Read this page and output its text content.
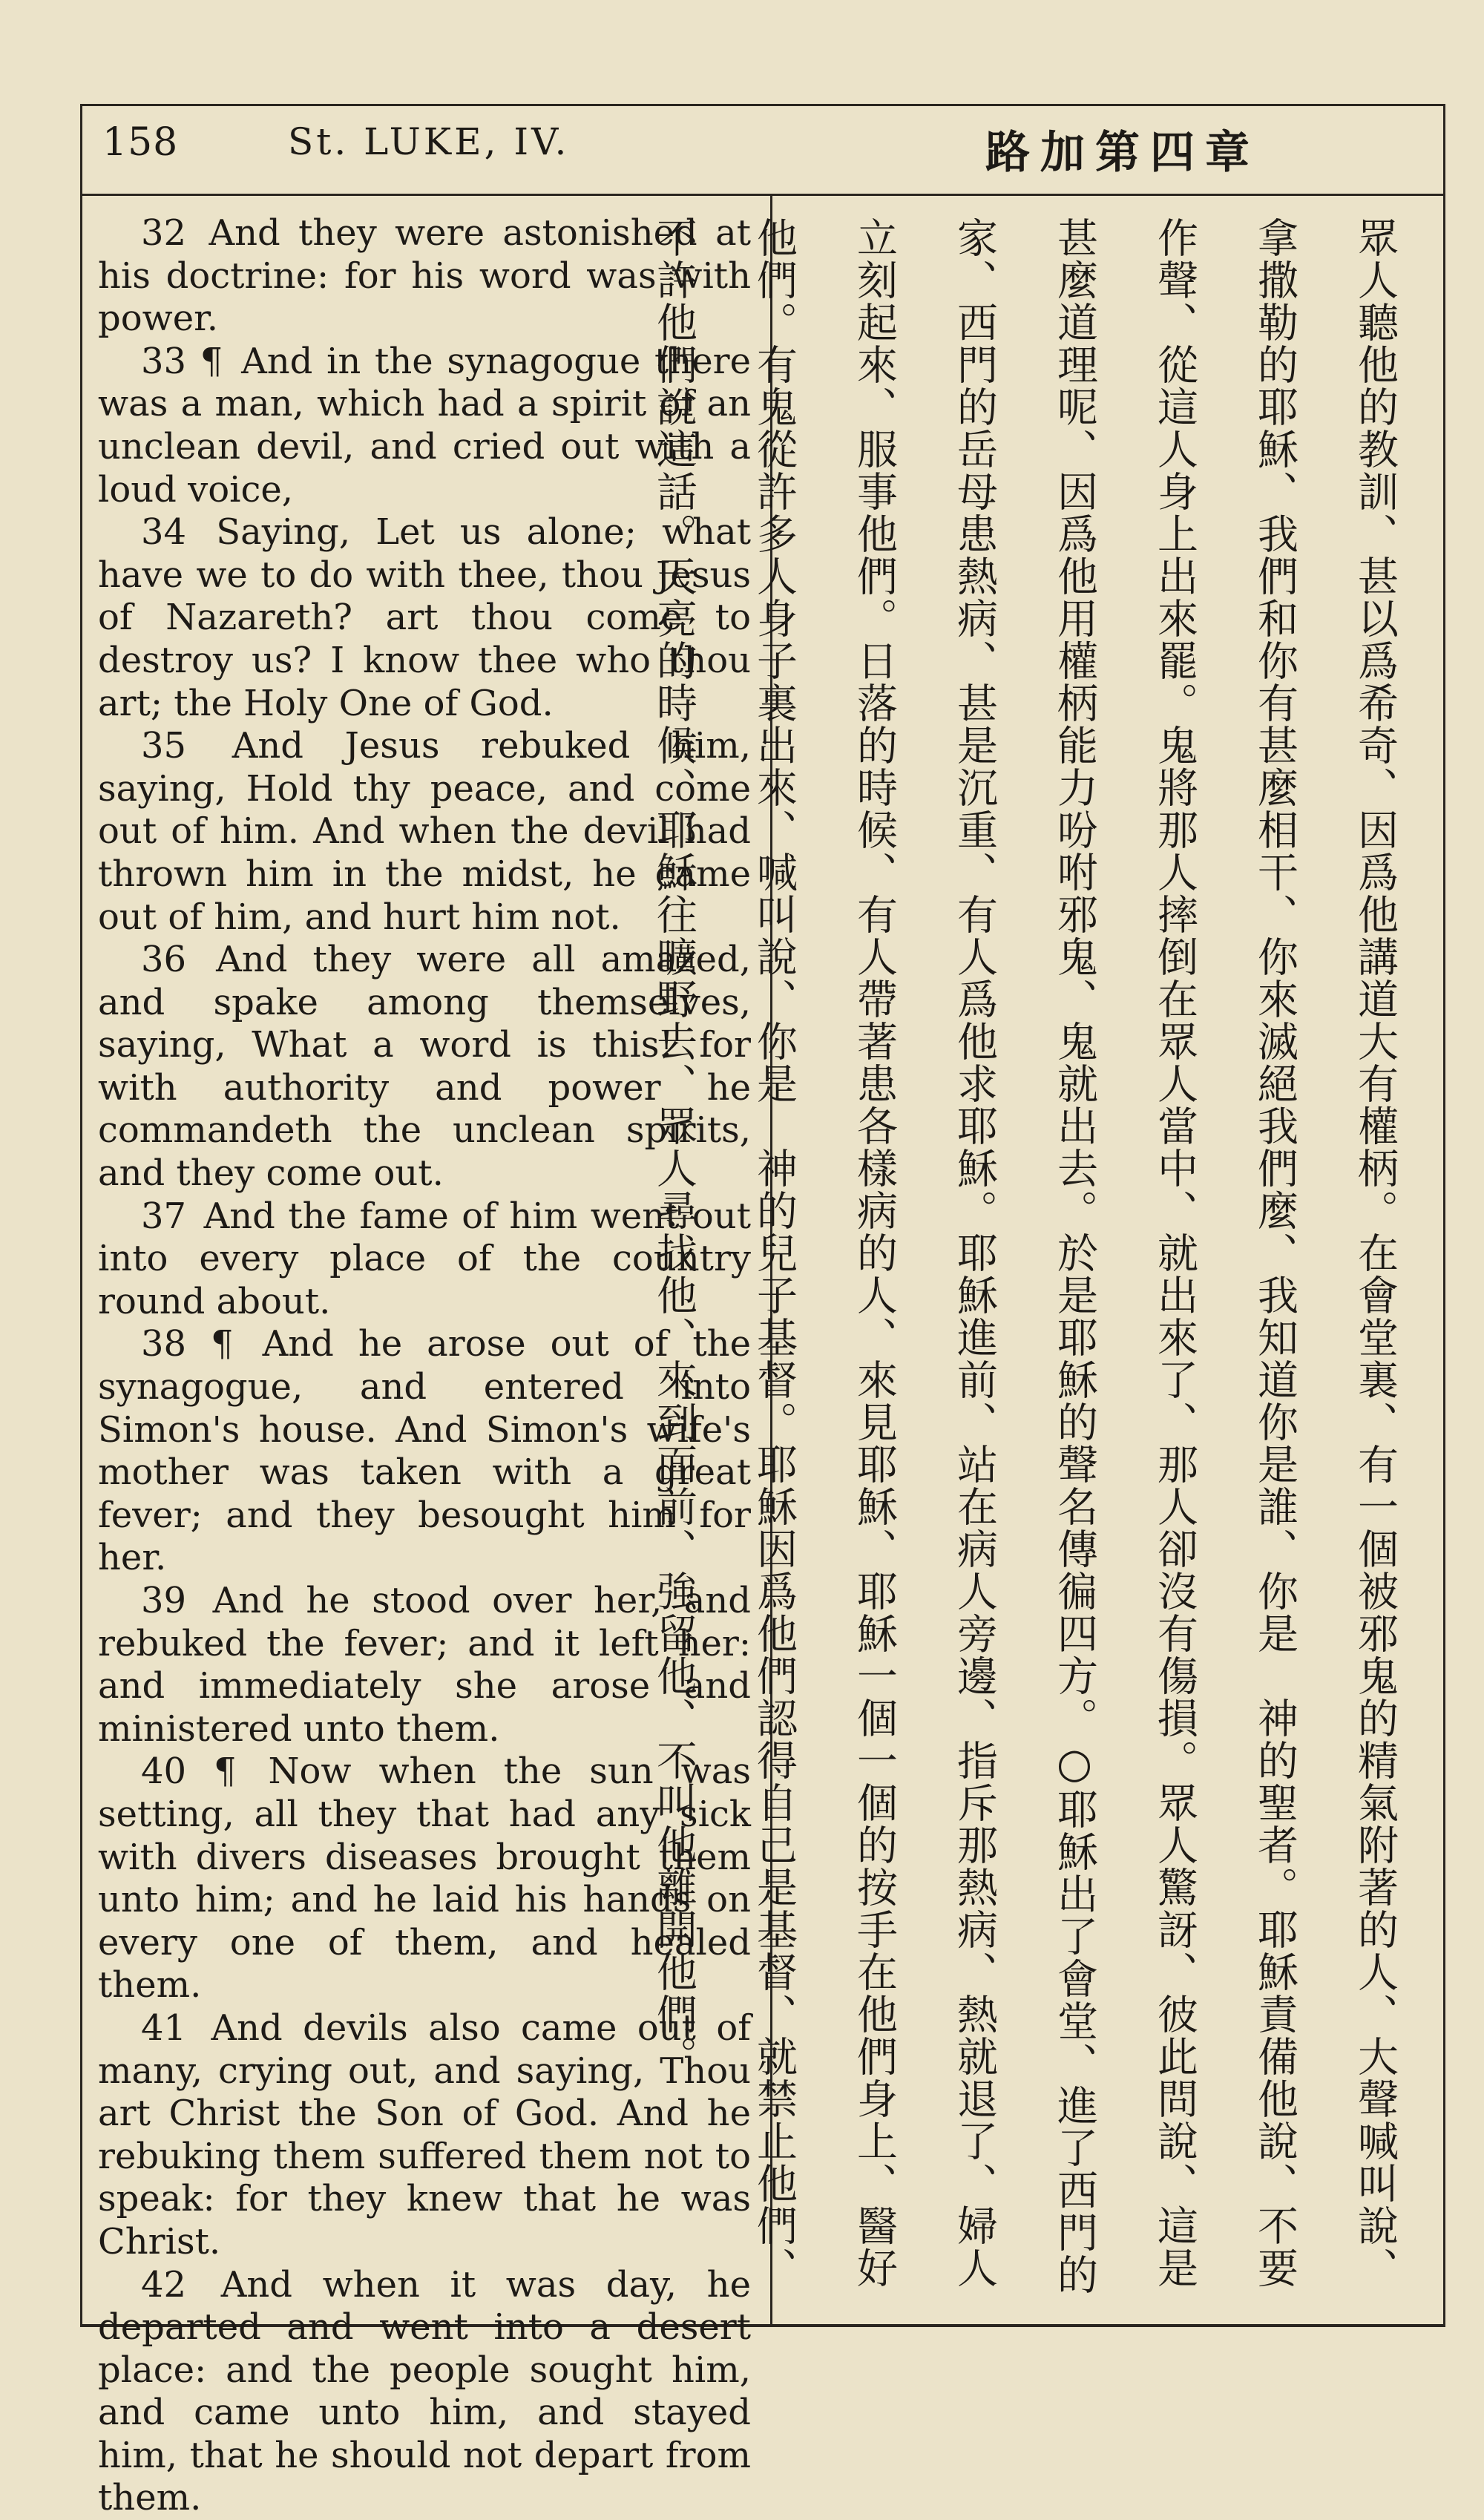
158	St. LUKE, IV.	路加第四章

32 And they were astonished at his doctrine: for his word was with power.

33 ¶ And in the synagogue there was a man, which had a spirit of an unclean devil, and cried out with a loud voice,

34 Saying, Let us alone; what have we to do with thee, thou Jesus of Nazareth? art thou come to destroy us? I know thee who thou art; the Holy One of God.

35 And Jesus rebuked him, saying, Hold thy peace, and come out of him. And when the devil had thrown him in the midst, he came out of him, and hurt him not.

36 And they were all amazed, and spake among themselves, saying, What a word is this! for with authority and power he commandeth the unclean spirits, and they come out.

37 And the fame of him went out into every place of the country round about.

38 ¶ And he arose out of the synagogue, and entered into Simon's house. And Simon's wife's mother was taken with a great fever; and they besought him for her.

39 And he stood over her, and rebuked the fever; and it left her: and immediately she arose and ministered unto them.

40 ¶ Now when the sun was setting, all they that had any sick with divers diseases brought them unto him; and he laid his hands on every one of them, and healed them.

41 And devils also came out of many, crying out, and saying, Thou art Christ the Son of God. And he rebuking them suffered them not to speak: for they knew that he was Christ.

42 And when it was day, he departed and went into a desert place: and the people sought him, and came unto him, and stayed him, that he should not depart from them.

眾人聽他的教訓、甚以爲希奇、因爲他講道大有權柄。在會堂裏、有一個被邪鬼的精氣附著的人、大聲喊叫說、拿撒勒的耶穌、我們和你有甚麼相干、你來滅絕我們麼、我知道你是誰、你是　神的聖者。耶穌責備他說、不要作聲、從這人身上出來罷。鬼將那人摔倒在眾人當中、就出來了、那人卻沒有傷損。眾人驚訝、彼此問說、這是甚麼道理呢、因爲他用權柄能力吩咐邪鬼、鬼就出去。於是耶穌的聲名傳徧四方。○耶穌出了會堂、進了西門的家、西門的岳母患熱病、甚是沉重、有人爲他求耶穌。耶穌進前、站在病人旁邊、指斥那熱病、熱就退了、婦人立刻起來、服事他們。日落的時候、有人帶著患各樣病的人、來見耶穌、耶穌一個一個的按手在他們身上、醫好他們。有鬼從許多人身子裏出來、喊叫說、你是　神的兒子基督。耶穌因爲他們認得自己是基督、就禁止他們、不許他們說這話。天亮的時候、耶穌往曠野去、眾人尋找他、來到面前、強留他、不叫他離開他們。
